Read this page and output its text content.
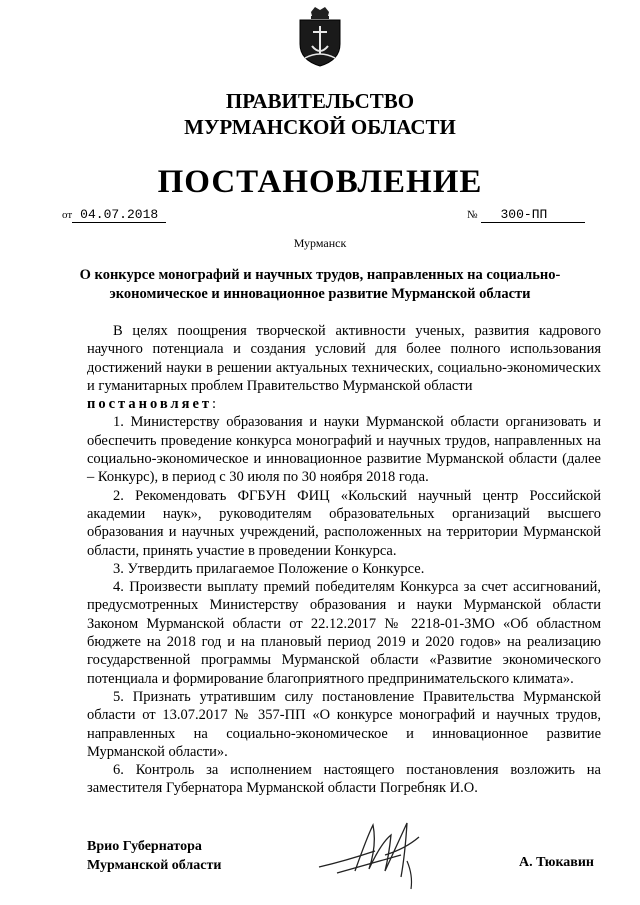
ПРАВИТЕЛЬСТВО
МУРМАНСКОЙ ОБЛАСТИ
ПОСТАНОВЛЕНИЕ
от 04.07.2018	№ 300-ПП
Мурманск
О конкурсе монографий и научных трудов, направленных на социально-экономическое и инновационное развитие Мурманской области

В целях поощрения творческой активности ученых, развития кадрового научного потенциала и создания условий для более полного использования достижений науки в решении актуальных технических, социально-экономических и гуманитарных проблем Правительство Мурманской области

постановляет:

1. Министерству образования и науки Мурманской области организовать и обеспечить проведение конкурса монографий и научных трудов, направленных на социально-экономическое и инновационное развитие Мурманской области (далее – Конкурс), в период с 30 июля по 30 ноября 2018 года.

2. Рекомендовать ФГБУН ФИЦ «Кольский научный центр Российской академии наук», руководителям образовательных организаций высшего образования и научных учреждений, расположенных на территории Мурманской области, принять участие в проведении Конкурса.

3. Утвердить прилагаемое Положение о Конкурсе.

4. Произвести выплату премий победителям Конкурса за счет ассигнований, предусмотренных Министерству образования и науки Мурманской области Законом Мурманской области от 22.12.2017 № 2218-01-ЗМО «Об областном бюджете на 2018 год и на плановый период 2019 и 2020 годов» на реализацию государственной программы Мурманской области «Развитие экономического потенциала и формирование благоприятного предпринимательского климата».

5. Признать утратившим силу постановление Правительства Мурманской области от 13.07.2017 № 357-ПП «О конкурсе монографий и научных трудов, направленных на социально-экономическое и инновационное развитие Мурманской области».

6. Контроль за исполнением настоящего постановления возложить на заместителя Губернатора Мурманской области Погребняк И.О.

Врио Губернатора
Мурманской области	А. Тюкавин
